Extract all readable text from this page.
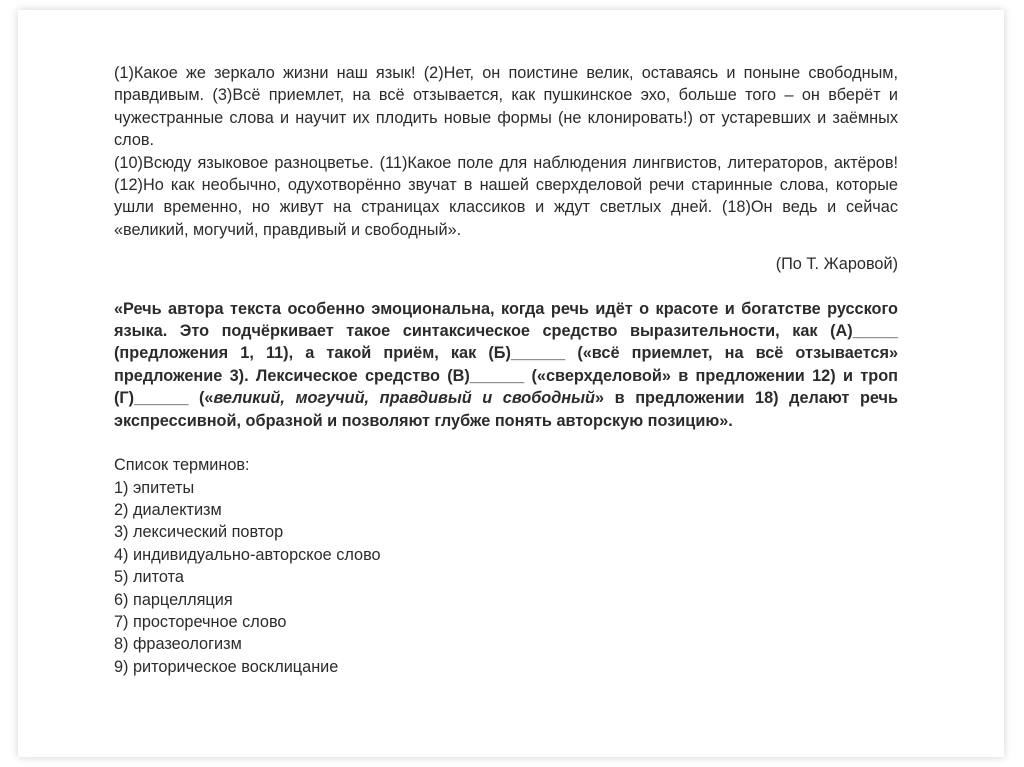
(1)Какое же зеркало жизни наш язык! (2)Нет, он поистине велик, оставаясь и поныне свободным, правдивым. (3)Всё приемлет, на всё отзывается, как пушкинское эхо, больше того – он вберёт и чужестранные слова и научит их плодить новые формы (не клонировать!) от устаревших и заёмных слов.

(10)Всюду языковое разноцветье. (11)Какое поле для наблюдения лингвистов, литераторов, актёров! (12)Но как необычно, одухотворённо звучат в нашей сверхделовой речи старинные слова, которые ушли временно, но живут на страницах классиков и ждут светлых дней. (18)Он ведь и сейчас «великий, могучий, правдивый и свободный».

(По Т. Жаровой)

«Речь автора текста особенно эмоциональна, когда речь идёт о красоте и богатстве русского языка. Это подчёркивает такое синтаксическое средство выразительности, как (А)_____ (предложения 1, 11), а такой приём, как (Б)______ («всё приемлет, на всё отзывается» предложение 3). Лексическое средство (В)______ («сверхделовой» в предложении 12) и троп (Г)______ («великий, могучий, правдивый и свободный» в предложении 18) делают речь экспрессивной, образной и позволяют глубже понять авторскую позицию».

Список терминов:

1) эпитеты
2) диалектизм
3) лексический повтор
4) индивидуально-авторское слово
5) литота
6) парцелляция
7) просторечное слово
8) фразеологизм
9) риторическое восклицание
